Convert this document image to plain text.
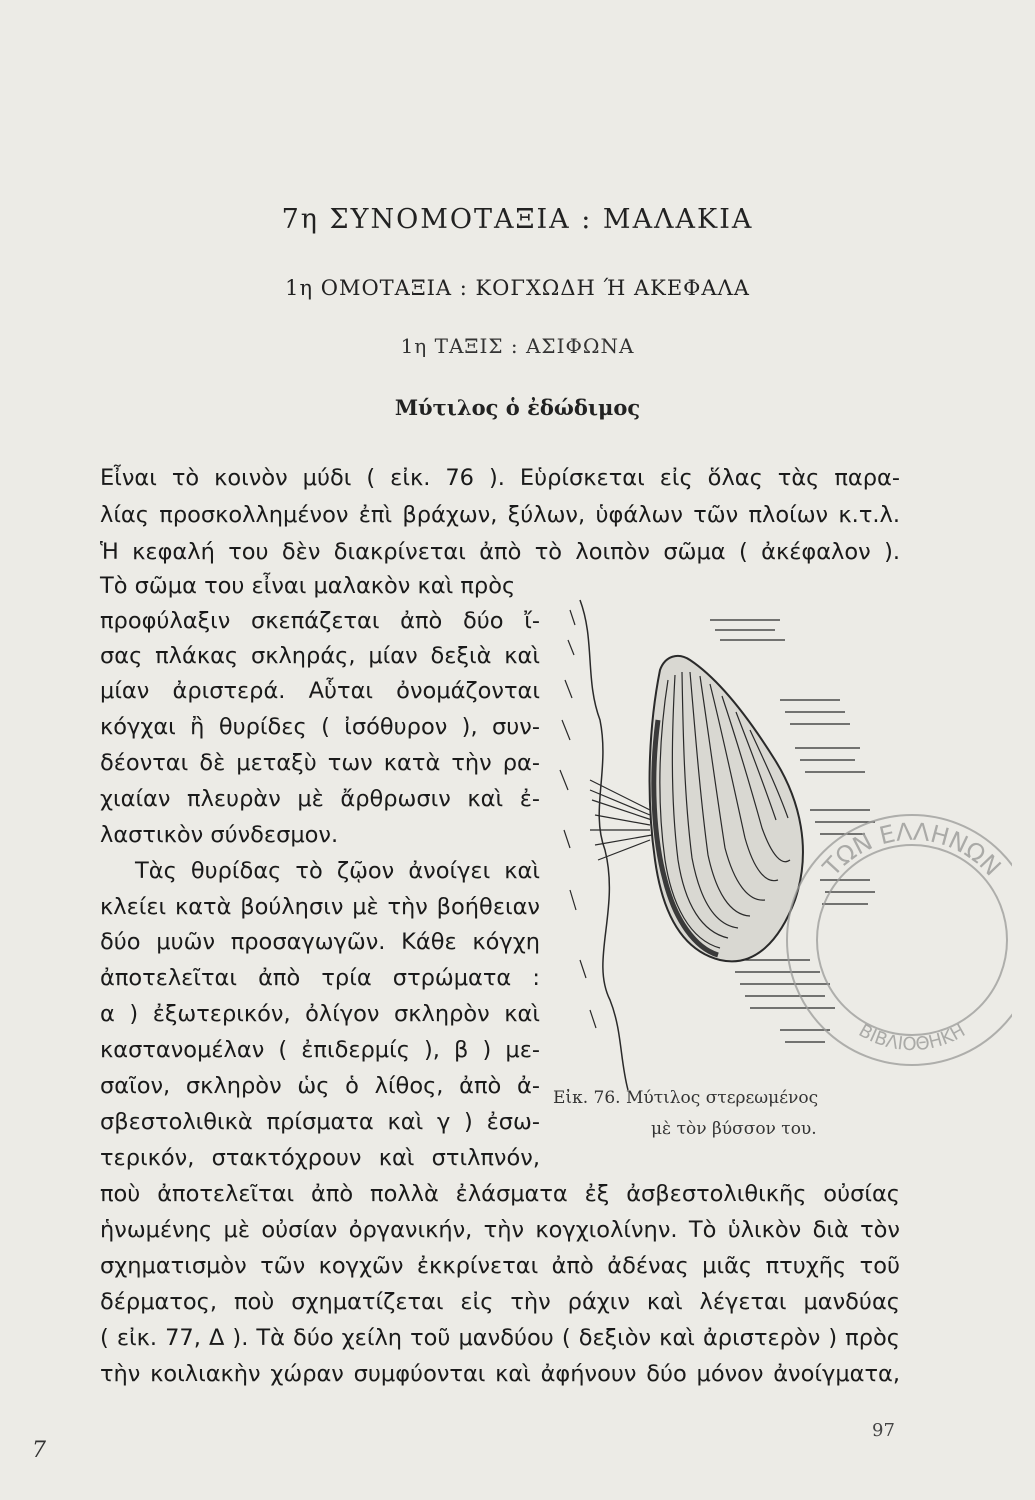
7η ΣΥΝΟΜΟΤΑΞΙΑ : ΜΑΛΑΚΙΑ
1η ΟΜΟΤΑΞΙΑ : ΚΟΓΧΩΔΗ Ή ΑΚΕΦΑΛΑ
1η ΤΑΞΙΣ : ΑΣΙΦΩΝΑ
Μύτιλος ὁ ἐδώδιμος
Εἶναι τὸ κοινὸν μύδι ( εἰκ. 76 ). Εὑρίσκεται εἰς ὅλας τὰς παρα-
λίας προσκολλημένον ἐπὶ βράχων, ξύλων, ὑφάλων τῶν πλοίων κ.τ.λ.
Ἡ κεφαλή του δὲν διακρίνεται ἀπὸ τὸ λοιπὸν σῶμα ( ἀκέφαλον ).
Τὸ σῶμα του εἶναι μαλακὸν καὶ πρὸς
προφύλαξιν σκεπάζεται ἀπὸ δύο ἴ-
σας πλάκας σκληράς, μίαν δεξιὰ καὶ
μίαν ἀριστερά. Αὗται ὀνομάζονται
κόγχαι ἢ θυρίδες ( ἰσόθυρον ), συν-
δέονται δὲ μεταξὺ των κατὰ τὴν ρα-
χιαίαν πλευρὰν μὲ ἄρθρωσιν καὶ ἐ-
λαστικὸν σύνδεσμον.
Τὰς θυρίδας τὸ ζῷον ἀνοίγει καὶ
κλείει κατὰ βούλησιν μὲ τὴν βοήθειαν
δύο μυῶν προσαγωγῶν. Κάθε κόγχη
ἀποτελεῖται ἀπὸ τρία στρώματα :
α ) ἐξωτερικόν, ὀλίγον σκληρὸν καὶ
καστανομέλαν ( ἐπιδερμίς ), β ) με-
σαῖον, σκληρὸν ὡς ὁ λίθος, ἀπὸ ἀ-
σβεστολιθικὰ πρίσματα καὶ γ ) ἐσω-
τερικόν, στακτόχρουν καὶ στιλπνόν,
ποὺ ἀποτελεῖται ἀπὸ πολλὰ ἐλάσματα ἐξ ἀσβεστολιθικῆς οὐσίας
ἡνωμένης μὲ οὐσίαν ὀργανικήν, τὴν κογχιολίνην. Τὸ ὑλικὸν διὰ τὸν
σχηματισμὸν τῶν κογχῶν ἐκκρίνεται ἀπὸ ἀδένας μιᾶς πτυχῆς τοῦ
δέρματος, ποὺ σχηματίζεται εἰς τὴν ράχιν καὶ λέγεται μανδύας
( εἰκ. 77, Δ ). Τὰ δύο χείλη τοῦ μανδύου ( δεξιὸν καὶ ἀριστερὸν ) πρὸς
τὴν κοιλιακὴν χώραν συμφύονται καὶ ἀφήνουν δύο μόνον ἀνοίγματα,
Εἰκ. 76. Μύτιλος στερεωμένος
μὲ τὸν βύσσον του.
ΤΩΝ ΕΛΛΗΝΩΝ
ΒΙΒΛΙΟΘΗΚΗ
97
7
